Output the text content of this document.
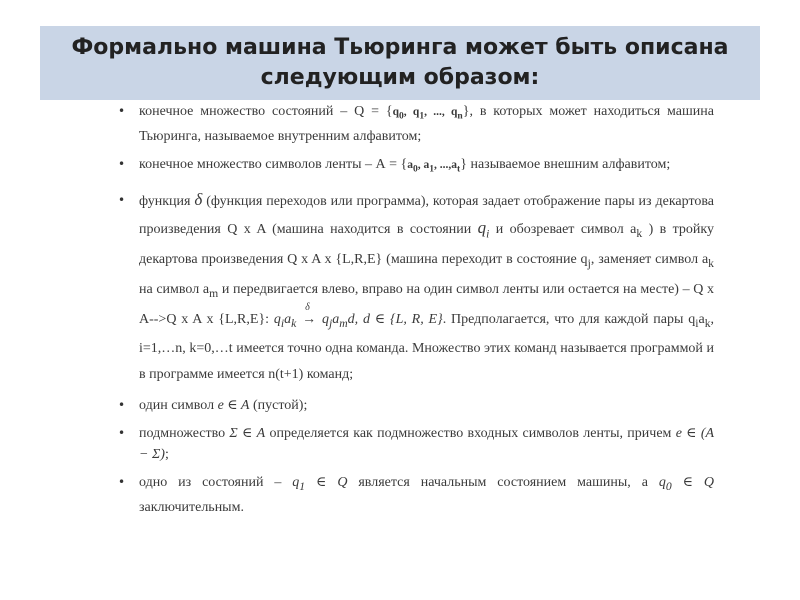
Формально машина Тьюринга может быть описана следующим образом:
• конечное множество состояний – $Q = \{q_0$, $q_1$, ..., $q_n$}, в которых может находиться машина Тьюринга, называемое внутренним алфавитом;
• конечное множество символов ленты – $А = \{a_0$, $a_1$, $...,a_t$} называемое внешним алфавитом;
• функция δ (функция переходов или программа), которая задает отображение пары из декартова произведения Q x A (машина находится в состоянии $q_i$ и обозревает символ $a_k$ ) в тройку декартова произведения Q x A x {L,R,E} (машина переходит в состояние $q_j$, заменяет символ $a_k$ на символ $a_m$ и передвигается влево, вправо на один символ ленты или остается на месте) – Q x A-->Q x A x {L,R,E}: $q_ia_k$
δ
→ $q_ja_md$, d ∈ {L, R, E}. Предполагается, что для каждой пары $q_ia_k$, i=1,…n, k=0,…t имеется точно одна команда. Множество этих команд называется программой и в программе имеется n(t+1) команд;
• один символ e ∈ A (пустой);
• подмножество Σ ∈ A определяется как подмножество входных символов ленты, причем e ∈ (A − Σ);
• одно из состояний – $q_1$ ∈ Q является начальным состоянием машины, а $q_0$ ∈ Q заключительным.
